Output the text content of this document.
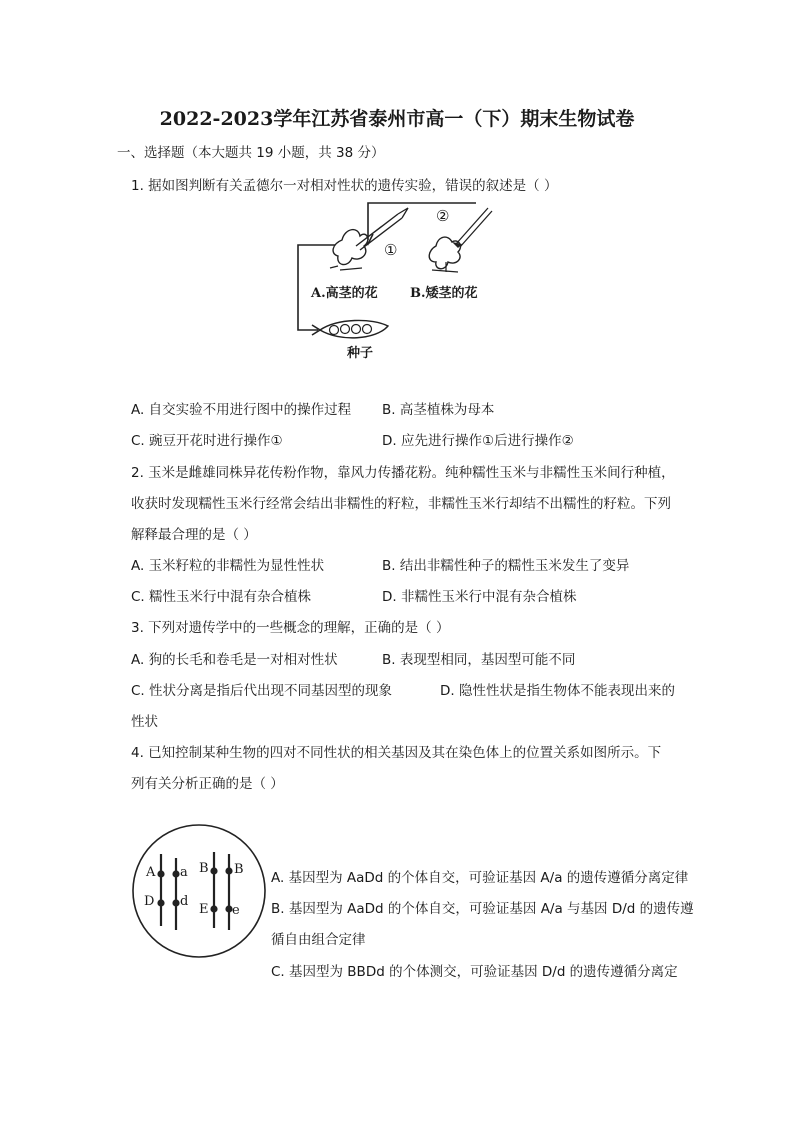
2022-2023学年江苏省泰州市高一（下）期末生物试卷
一、选择题（本大题共 19 小题，共 38 分）
1. 据如图判断有关孟德尔一对相对性状的遗传实验，错误的叙述是（ ）
①
②
A.高茎的花 B.矮茎的花
种子
A. 自交实验不用进行图中的操作过程 B. 高茎植株为母本
C. 豌豆开花时进行操作①	D. 应先进行操作①后进行操作②
2. 玉米是雌雄同株异花传粉作物，靠风力传播花粉。纯种糯性玉米与非糯性玉米间行种植，
收获时发现糯性玉米行经常会结出非糯性的籽粒，非糯性玉米行却结不出糯性的籽粒。下列
解释最合理的是（ ）
A. 玉米籽粒的非糯性为显性性状	B. 结出非糯性种子的糯性玉米发生了变异
C. 糯性玉米行中混有杂合植株	D. 非糯性玉米行中混有杂合植株
3. 下列对遗传学中的一些概念的理解，正确的是（ ）
A. 狗的长毛和卷毛是一对相对性状	B. 表现型相同，基因型可能不同
C. 性状分离是指后代出现不同基因型的现象	D. 隐性性状是指生物体不能表现出来的
性状
4. 已知控制某种生物的四对不同性状的相关基因及其在染色体上的位置关系如图所示。下
列有关分析正确的是（ ）
A a
D d
B B
E e
A. 基因型为 AaDd 的个体自交，可验证基因 A/a 的遗传遵循分离定律
B. 基因型为 AaDd 的个体自交，可验证基因 A/a 与基因 D/d 的遗传遵
循自由组合定律
C. 基因型为 BBDd 的个体测交，可验证基因 D/d 的遗传遵循分离定
